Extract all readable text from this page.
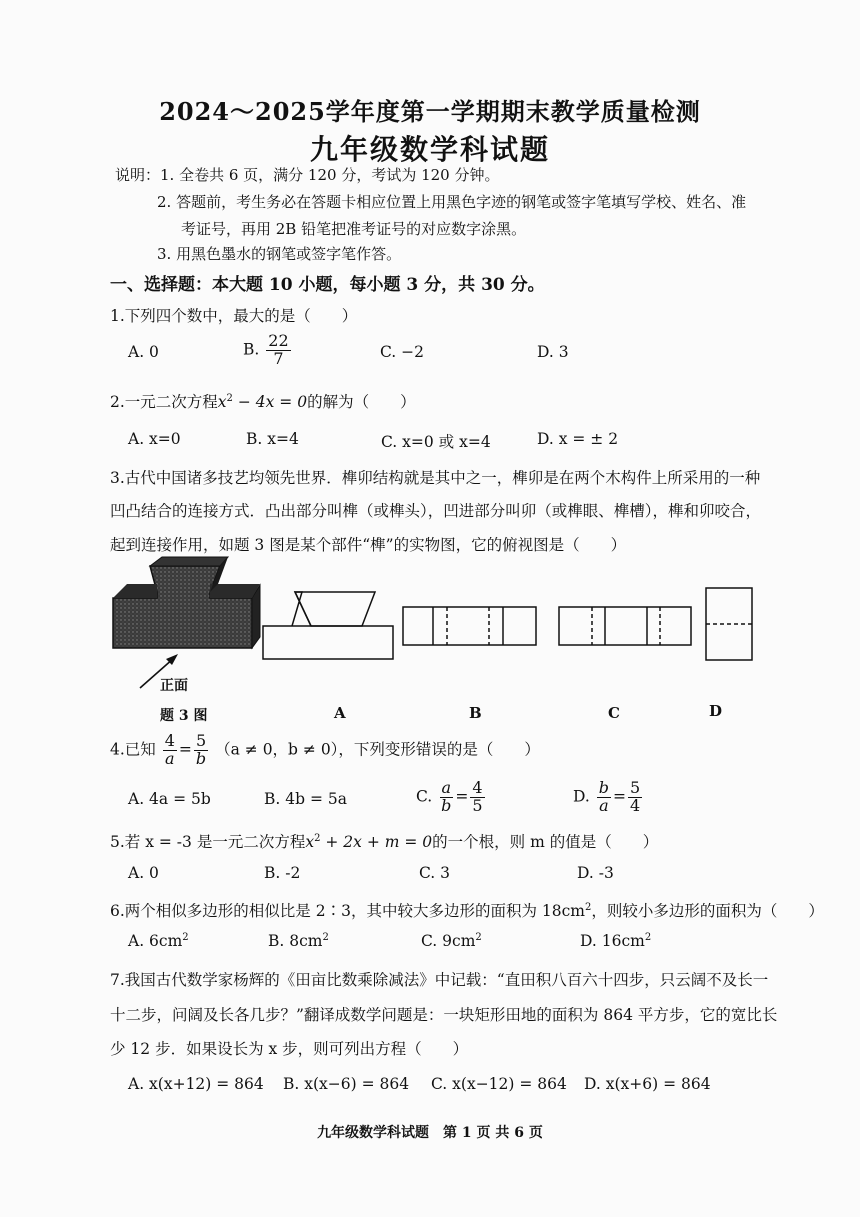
2024～2025学年度第一学期期末教学质量检测
九年级数学科试题
说明：1. 全卷共 6 页，满分 120 分，考试为 120 分钟。
2. 答题前，考生务必在答题卡相应位置上用黑色字迹的钢笔或签字笔填写学校、姓名、准
考证号，再用 2B 铅笔把准考证号的对应数字涂黑。
3. 用黑色墨水的钢笔或签字笔作答。
一、选择题：本大题 10 小题，每小题 3 分，共 30 分。
1.下列四个数中，最大的是（　　）
A. 0	B. $\frac{22}{7}$	C. −2	D. 3
2.一元二次方程$x^2 - 4x = 0$的解为（　　）
A. x=0	B. x=4	C. x=0 或 x=4	D. x = ± 2
3.古代中国诸多技艺均领先世界．榫卯结构就是其中之一，榫卯是在两个木构件上所采用的一种
凹凸结合的连接方式．凸出部分叫榫（或榫头），凹进部分叫卯（或榫眼、榫槽），榫和卯咬合，
起到连接作用，如题 3 图是某个部件“榫”的实物图，它的俯视图是（　　）
正面
题 3 图	A	B	C	D
4.已知 $\frac{4}{a} = \frac{5}{b} (a \ne 0$，b ≠ 0），下列变形错误的是（　　）
A. 4a = 5b	B. 4b = 5a	C. $\frac{a}{b} = \frac{4}{5}$	D. $\frac{b}{a} = \frac{5}{4}$
5.若 x = -3 是一元二次方程$x^2 + 2x + m = 0$的一个根，则 m 的值是（　　）
A. 0	B. -2	C. 3	D. -3
6.两个相似多边形的相似比是 2∶3，其中较大多边形的面积为 $18cm^2$，则较小多边形的面积为（　　）
A. $6cm^2$	B. $8cm^2$	C. $9cm^2$	D. $16cm^2$
7.我国古代数学家杨辉的《田亩比数乘除减法》中记载：“直田积八百六十四步，只云阔不及长一
十二步，问阔及长各几步？”翻译成数学问题是：一块矩形田地的面积为 864 平方步，它的宽比长
少 12 步．如果设长为 x 步，则可列出方程（　　）
A. x(x+12) = 864 B. x(x−6) = 864 C. x(x−12) = 864 D. x(x+6) = 864
九年级数学科试题　第 1 页 共 6 页
